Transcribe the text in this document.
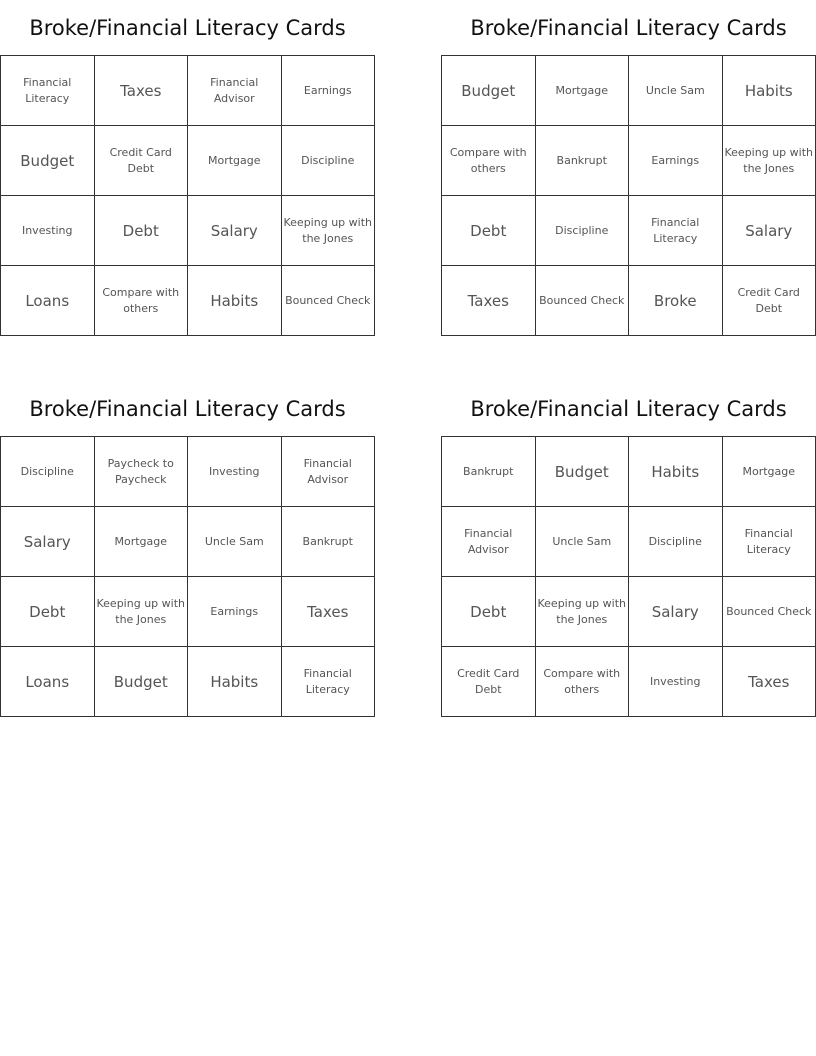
Broke/Financial Literacy Cards
Financial Literacy	Taxes	Financial Advisor	Earnings
Budget	Credit Card Debt	Mortgage	Discipline
Investing	Debt	Salary	Keeping up with the Jones
Loans	Compare with others	Habits	Bounced Check
Broke/Financial Literacy Cards
Budget	Mortgage	Uncle Sam	Habits
Compare with others	Bankrupt	Earnings	Keeping up with the Jones
Debt	Discipline	Financial Literacy	Salary
Taxes	Bounced Check	Broke	Credit Card Debt
Broke/Financial Literacy Cards
Discipline	Paycheck to Paycheck	Investing	Financial Advisor
Salary	Mortgage	Uncle Sam	Bankrupt
Debt	Keeping up with the Jones	Earnings	Taxes
Loans	Budget	Habits	Financial Literacy
Broke/Financial Literacy Cards
Bankrupt	Budget	Habits	Mortgage
Financial Advisor	Uncle Sam	Discipline	Financial Literacy
Debt	Keeping up with the Jones	Salary	Bounced Check
Credit Card Debt	Compare with others	Investing	Taxes
